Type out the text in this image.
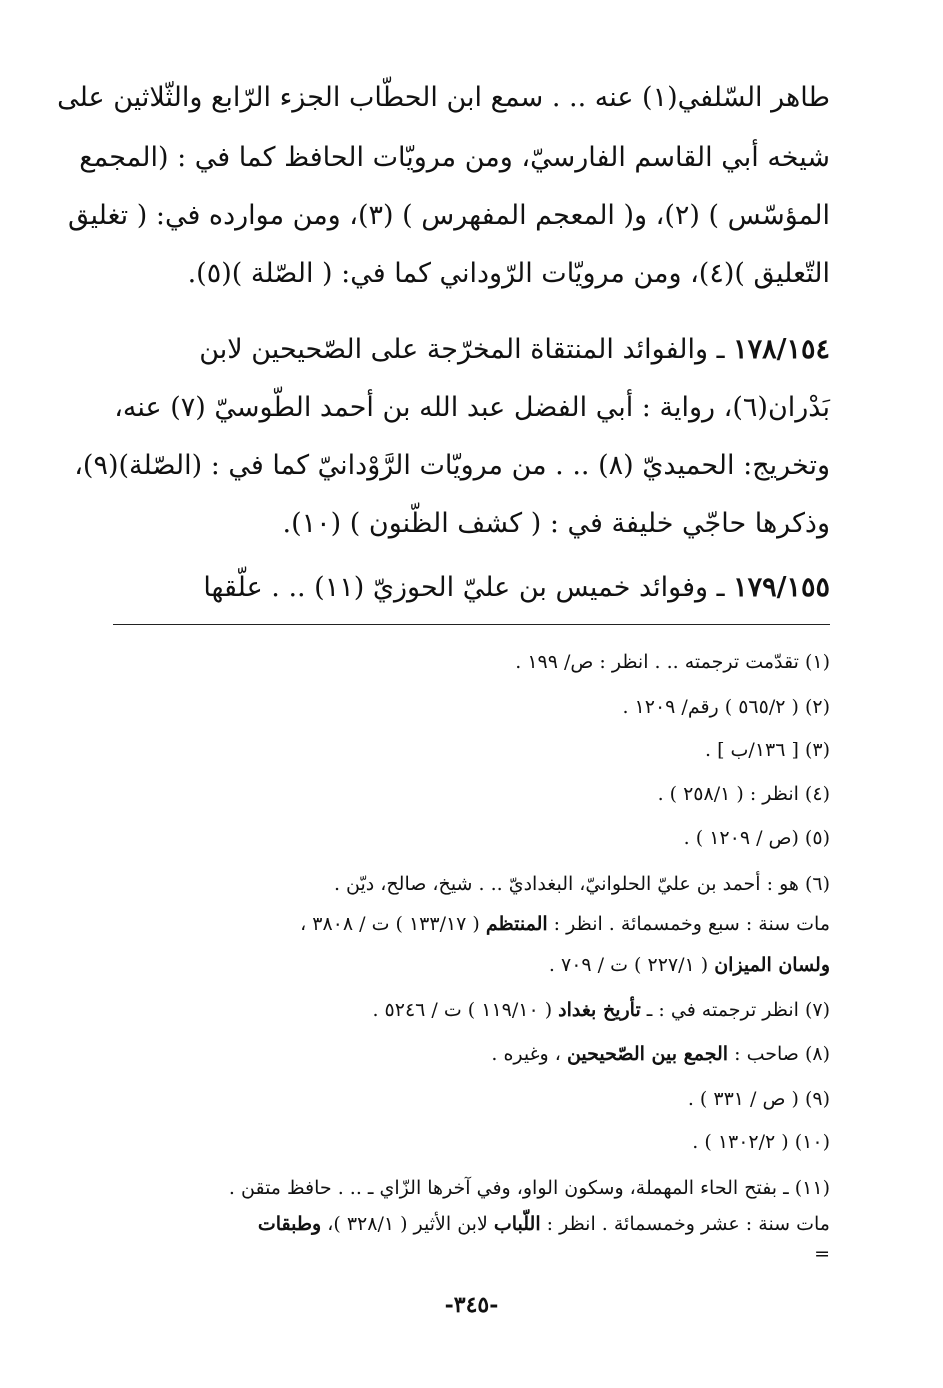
طاهر السّلفي(١) عنه .. . سمع ابن الحطّاب الجزء الرّابع والثّلاثين على
شيخه أبي القاسم الفارسيّ، ومن مرويّات الحافظ كما في : (المجمع
المؤسّس ) (٢)، و( المعجم المفهرس ) (٣)، ومن موارده في: ( تغليق
التّعليق )(٤)، ومن مرويّات الرّوداني كما في: ( الصّلة )(٥).
١٧٨/١٥٤ ـ والفوائد المنتقاة المخرّجة على الصّحيحين لابن
بَدْران(٦)، رواية : أبي الفضل عبد الله بن أحمد الطّوسيّ (٧) عنه،
وتخريج: الحميديّ (٨) .. . من مرويّات الرَّوْدانيّ كما في : (الصّلة)(٩)،
وذكرها حاجّي خليفة في : ( كشف الظّنون ) (١٠).
١٧٩/١٥٥ ـ وفوائد خميس بن عليّ الحوزيّ (١١) .. . علّقها
(١) تقدّمت ترجمته .. . انظر : ص/ ١٩٩ .
(٢) ( ٥٦٥/٢ ) رقم/ ١٢٠٩ .
(٣) [ ١٣٦/ب ] .
(٤) انظر : ( ٢٥٨/١ ) .
(٥) (ص / ١٢٠٩ ) .
(٦) هو : أحمد بن عليّ الحلوانيّ، البغداديّ .. . شيخ، صالح، ديّن .
مات سنة : سبع وخمسمائة . انظر : المنتظم ( ١٣٣/١٧ ) ت / ٣٨٠٨ ،
ولسان الميزان ( ٢٢٧/١ ) ت / ٧٠٩ .
(٧) انظر ترجمته في : ـ تأريخ بغداد ( ١١٩/١٠ ) ت / ٥٢٤٦ .
(٨) صاحب : الجمع بين الصّحيحين ، وغيره .
(٩) ( ص / ٣٣١ ) .
(١٠) ( ١٣٠٢/٢ ) .
(١١) ـ بفتح الحاء المهملة، وسكون الواو، وفي آخرها الزّاي ـ .. . حافظ متقن .
مات سنة : عشر وخمسمائة . انظر : اللّباب لابن الأثير ( ٣٢٨/١ )، وطبقات
=
-٣٤٥-
